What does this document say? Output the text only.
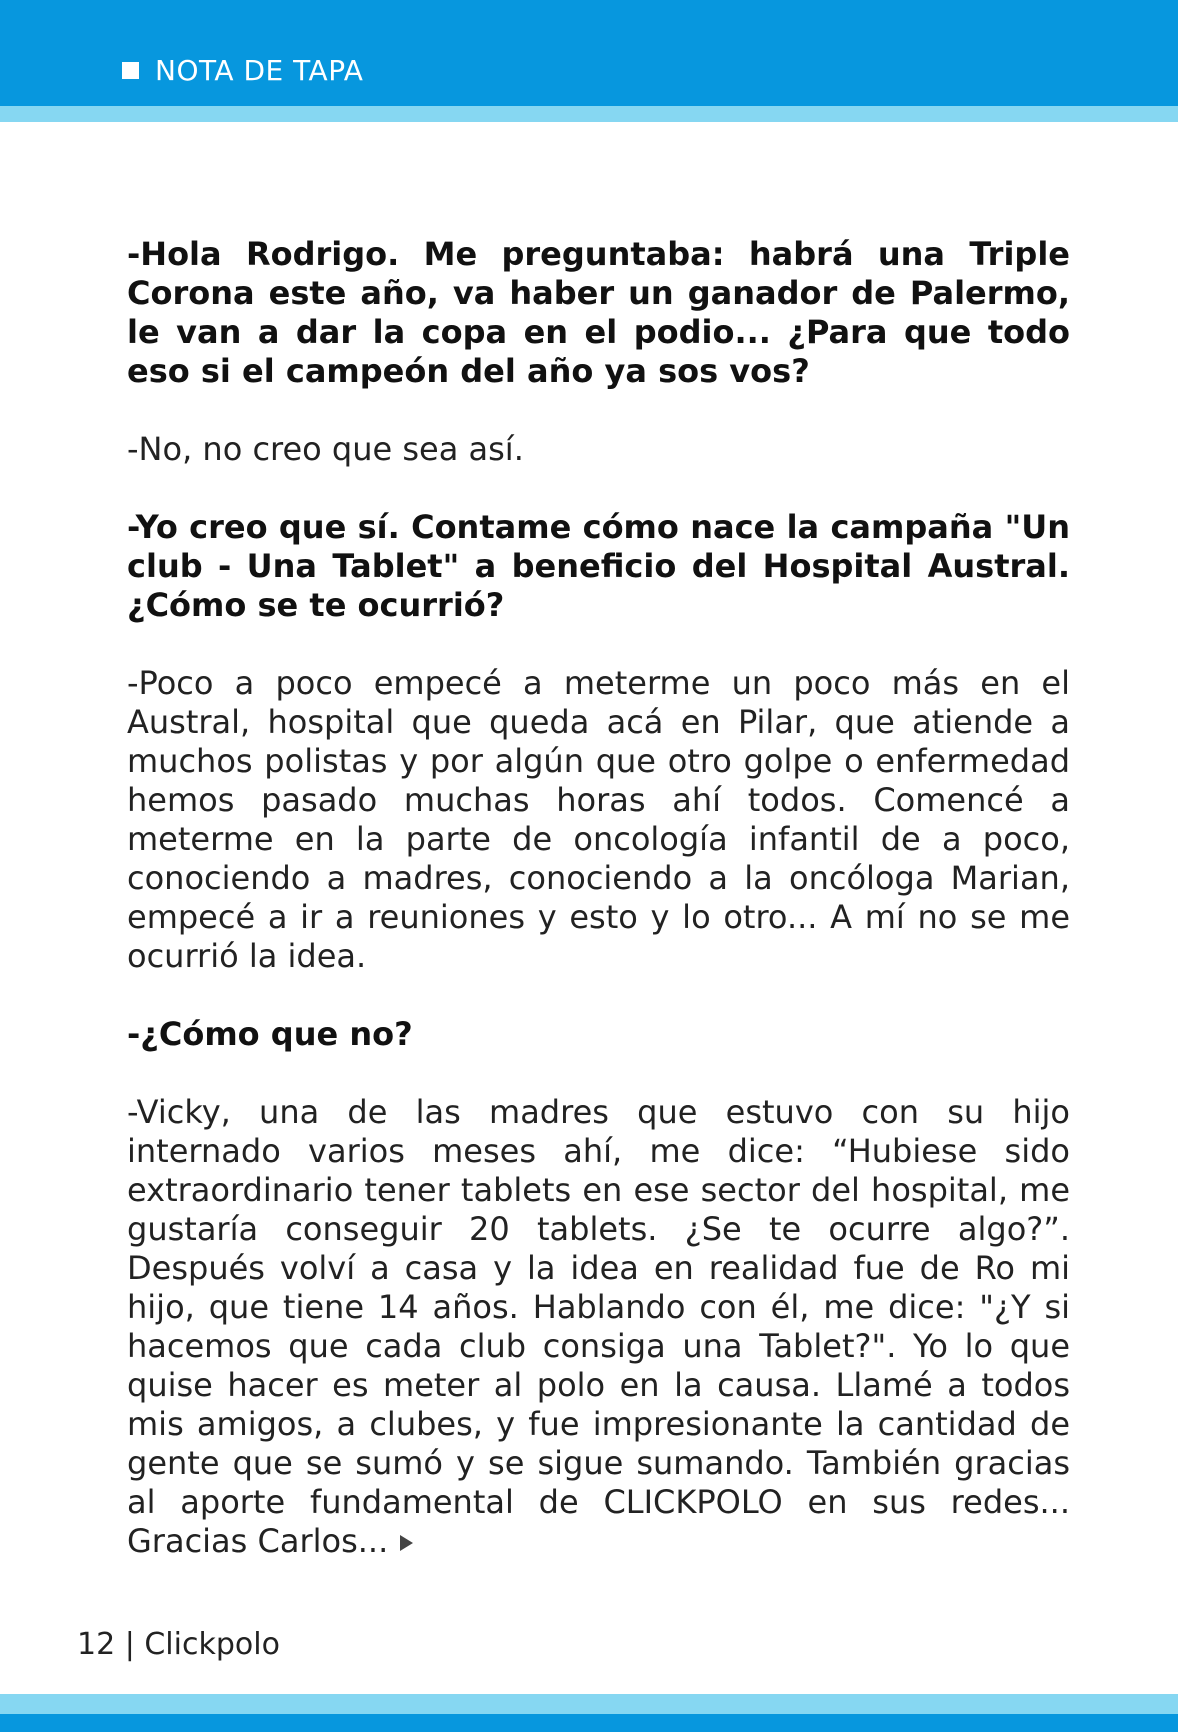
NOTA DE TAPA

-Hola Rodrigo. Me preguntaba: habrá una Triple Corona este año, va haber un ganador de Palermo, le van a dar la copa en el podio... ¿Para que todo eso si el campeón del año ya sos vos?

-No, no creo que sea así.

-Yo creo que sí. Contame cómo nace la campaña "Un club - Una Tablet" a beneficio del Hospital Austral. ¿Cómo se te ocurrió?

-Poco a poco empecé a meterme un poco más en el Austral, hospital que queda acá en Pilar, que atiende a muchos polistas y por algún que otro golpe o enfermedad hemos pasado muchas horas ahí todos. Comencé a meterme en la parte de oncología infantil de a poco, conociendo a madres, conociendo a la oncóloga Marian, empecé a ir a reuniones y esto y lo otro... A mí no se me ocurrió la idea.

-¿Cómo que no?

-Vicky, una de las madres que estuvo con su hijo internado varios meses ahí, me dice: “Hubiese sido extraordinario tener tablets en ese sector del hospital, me gustaría conseguir 20 tablets. ¿Se te ocurre algo?”. Después volví a casa y la idea en realidad fue de Ro mi hijo, que tiene 14 años. Hablando con él, me dice: "¿Y si hacemos que cada club consiga una Tablet?". Yo lo que quise hacer es meter al polo en la causa. Llamé a todos mis amigos, a clubes, y fue impresionante la cantidad de gente que se sumó y se sigue sumando. También gracias al aporte fundamental de CLICKPOLO en sus redes... Gracias Carlos...

12 | Clickpolo
